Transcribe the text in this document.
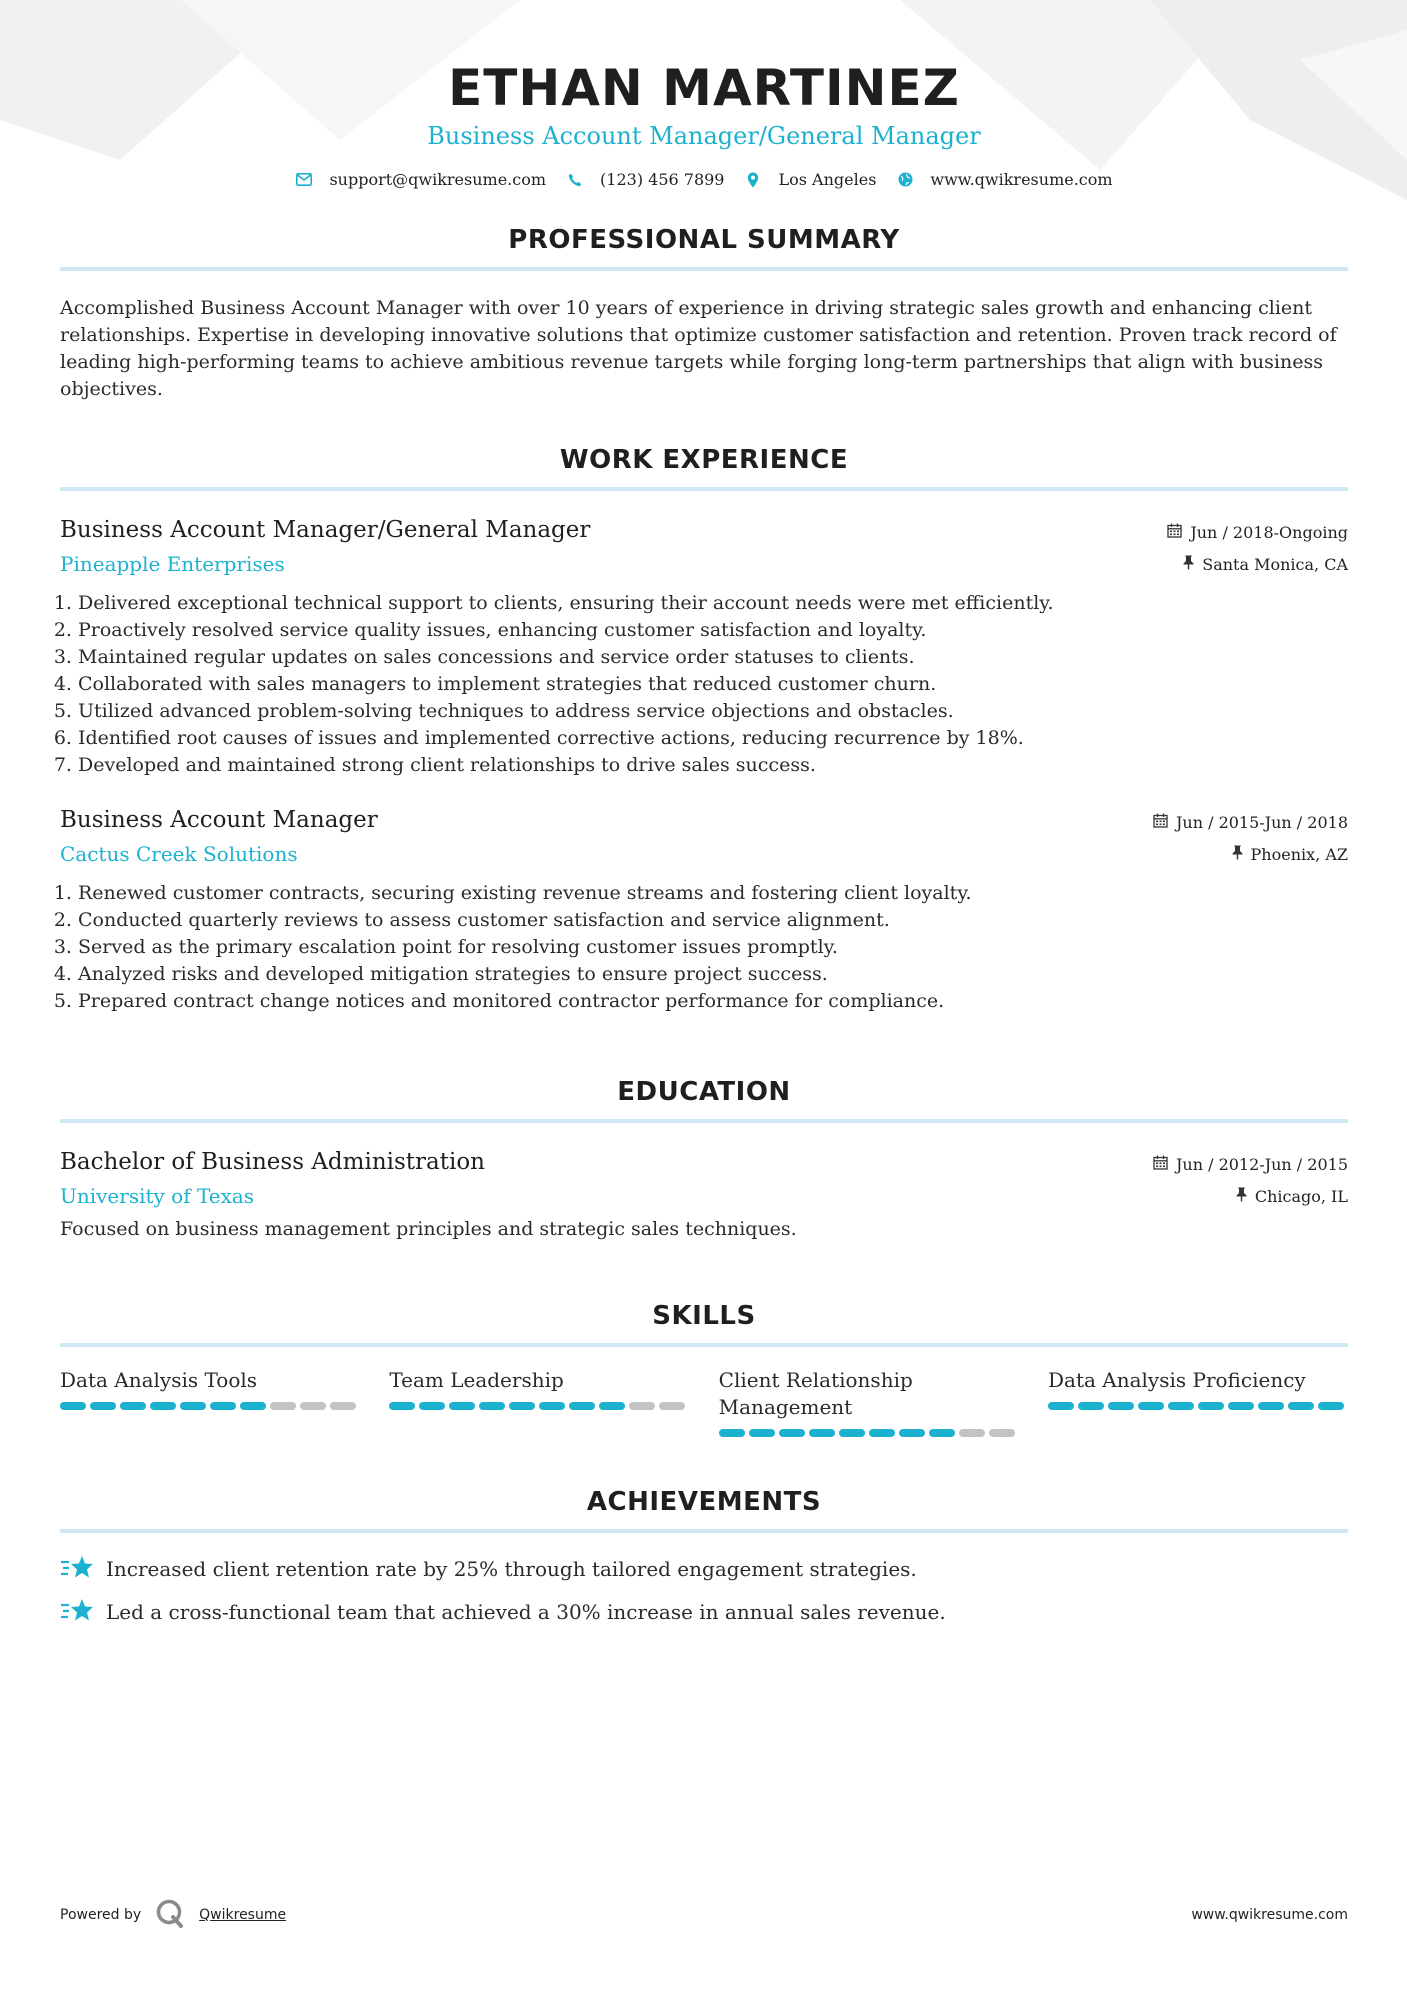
ETHAN MARTINEZ
Business Account Manager/General Manager
support@qwikresume.com	(123) 456 7899	Los Angeles	www.qwikresume.com
PROFESSIONAL SUMMARY
Accomplished Business Account Manager with over 10 years of experience in driving strategic sales growth and enhancing client relationships. Expertise in developing innovative solutions that optimize customer satisfaction and retention. Proven track record of leading high-performing teams to achieve ambitious revenue targets while forging long-term partnerships that align with business objectives.
WORK EXPERIENCE
Business Account Manager/General Manager
Pineapple Enterprises
Jun / 2018-Ongoing
Santa Monica, CA
1. Delivered exceptional technical support to clients, ensuring their account needs were met efficiently.
2. Proactively resolved service quality issues, enhancing customer satisfaction and loyalty.
3. Maintained regular updates on sales concessions and service order statuses to clients.
4. Collaborated with sales managers to implement strategies that reduced customer churn.
5. Utilized advanced problem-solving techniques to address service objections and obstacles.
6. Identified root causes of issues and implemented corrective actions, reducing recurrence by 18%.
7. Developed and maintained strong client relationships to drive sales success.
Business Account Manager
Cactus Creek Solutions
Jun / 2015-Jun / 2018
Phoenix, AZ
1. Renewed customer contracts, securing existing revenue streams and fostering client loyalty.
2. Conducted quarterly reviews to assess customer satisfaction and service alignment.
3. Served as the primary escalation point for resolving customer issues promptly.
4. Analyzed risks and developed mitigation strategies to ensure project success.
5. Prepared contract change notices and monitored contractor performance for compliance.
EDUCATION
Bachelor of Business Administration
University of Texas
Jun / 2012-Jun / 2015
Chicago, IL
Focused on business management principles and strategic sales techniques.
SKILLS
Data Analysis Tools	Team Leadership	Client Relationship Management
Data Analysis Proficiency
ACHIEVEMENTS
Increased client retention rate by 25% through tailored engagement strategies.
Led a cross-functional team that achieved a 30% increase in annual sales revenue.
Powered by	Qwikresume	www.qwikresume.com
